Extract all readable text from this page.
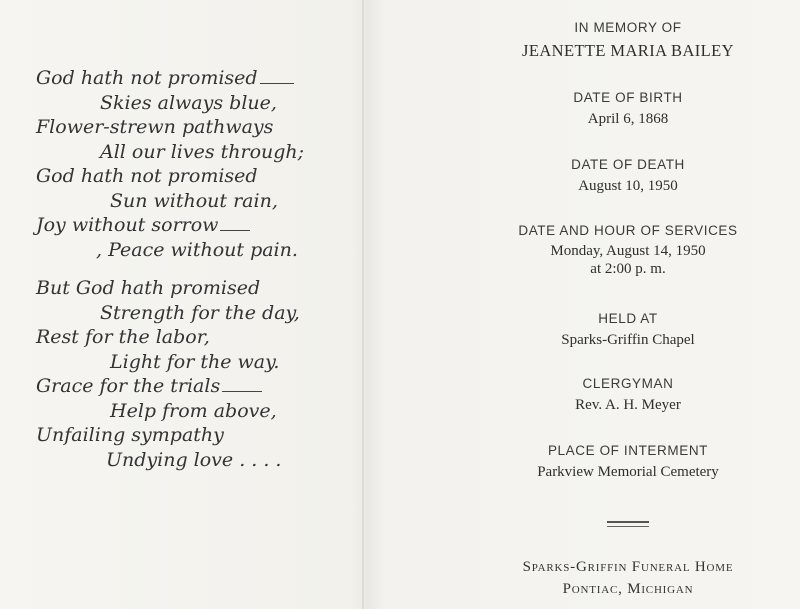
God hath not promised
Skies always blue,
Flower-strewn pathways
All our lives through;
God hath not promised
Sun without rain,
Joy without sorrow
, Peace without pain.
But God hath promised
Strength for the day,
Rest for the labor,
Light for the way.
Grace for the trials
Help from above,
Unfailing sympathy
Undying love . . . .
IN MEMORY OF
JEANETTE MARIA BAILEY
DATE OF BIRTH
April 6, 1868
DATE OF DEATH
August 10, 1950
DATE AND HOUR OF SERVICES
Monday, August 14, 1950
at 2:00 p. m.
HELD AT
Sparks-Griffin Chapel
CLERGYMAN
Rev. A. H. Meyer
PLACE OF INTERMENT
Parkview Memorial Cemetery
Sparks-Griffin Funeral Home
Pontiac, Michigan
